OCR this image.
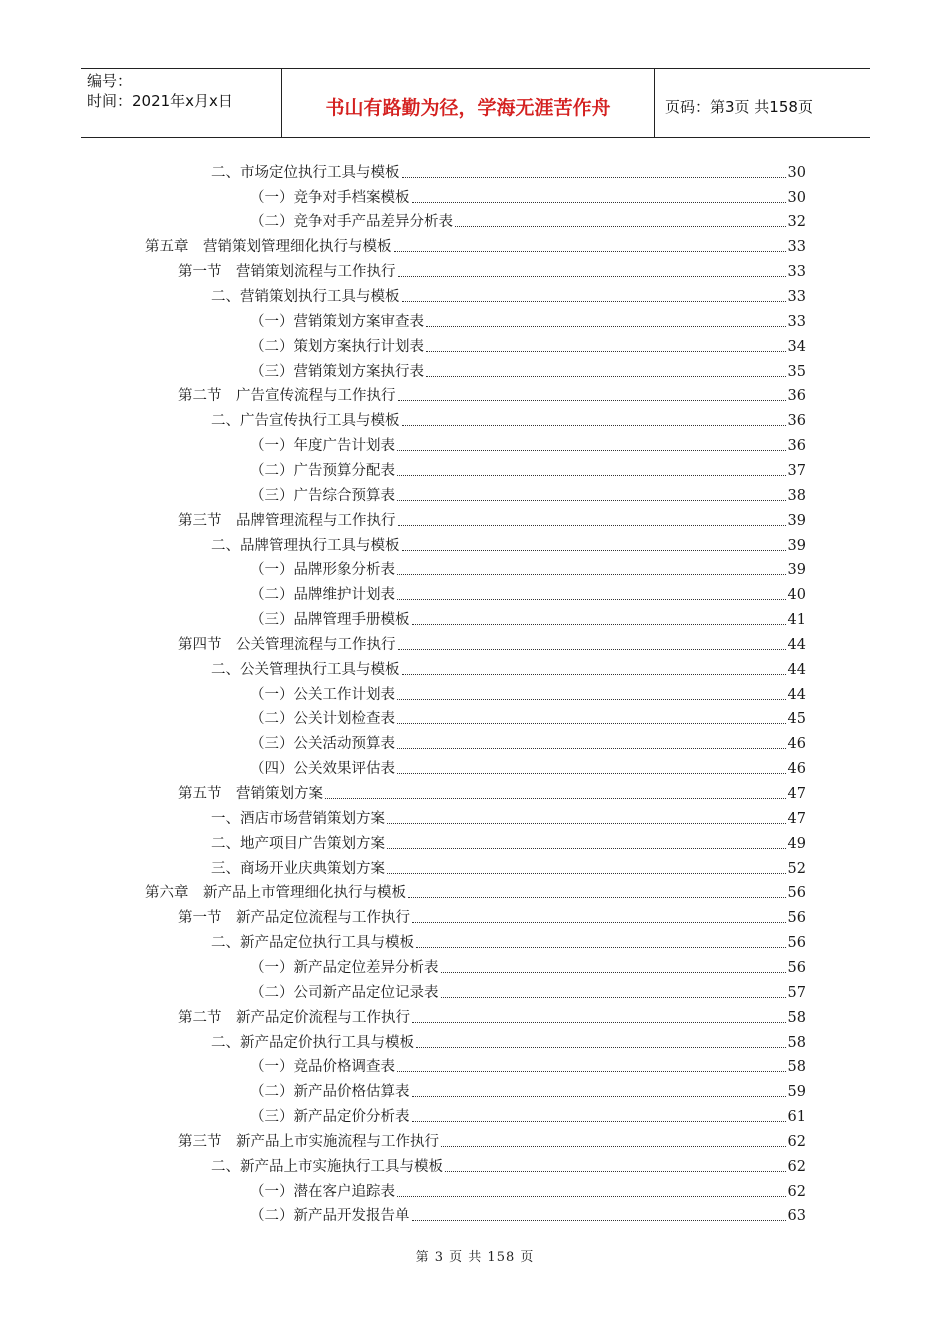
编号：
时间：2021年x月x日	书山有路勤为径，学海无涯苦作舟	页码：第3页 共158页
二、市场定位执行工具与模板	30
（一）竞争对手档案模板	30
（二）竞争对手产品差异分析表	32
第五章　营销策划管理细化执行与模板	33
第一节　营销策划流程与工作执行	33
二、营销策划执行工具与模板	33
（一）营销策划方案审查表	33
（二）策划方案执行计划表	34
（三）营销策划方案执行表	35
第二节　广告宣传流程与工作执行	36
二、广告宣传执行工具与模板	36
（一）年度广告计划表	36
（二）广告预算分配表	37
（三）广告综合预算表	38
第三节　品牌管理流程与工作执行	39
二、品牌管理执行工具与模板	39
（一）品牌形象分析表	39
（二）品牌维护计划表	40
（三）品牌管理手册模板	41
第四节　公关管理流程与工作执行	44
二、公关管理执行工具与模板	44
（一）公关工作计划表	44
（二）公关计划检查表	45
（三）公关活动预算表	46
（四）公关效果评估表	46
第五节　营销策划方案	47
一、酒店市场营销策划方案	47
二、地产项目广告策划方案	49
三、商场开业庆典策划方案	52
第六章　新产品上市管理细化执行与模板	56
第一节　新产品定位流程与工作执行	56
二、新产品定位执行工具与模板	56
（一）新产品定位差异分析表	56
（二）公司新产品定位记录表	57
第二节　新产品定价流程与工作执行	58
二、新产品定价执行工具与模板	58
（一）竞品价格调查表	58
（二）新产品价格估算表	59
（三）新产品定价分析表	61
第三节　新产品上市实施流程与工作执行	62
二、新产品上市实施执行工具与模板	62
（一）潜在客户追踪表	62
（二）新产品开发报告单	63
第 3 页 共 158 页
